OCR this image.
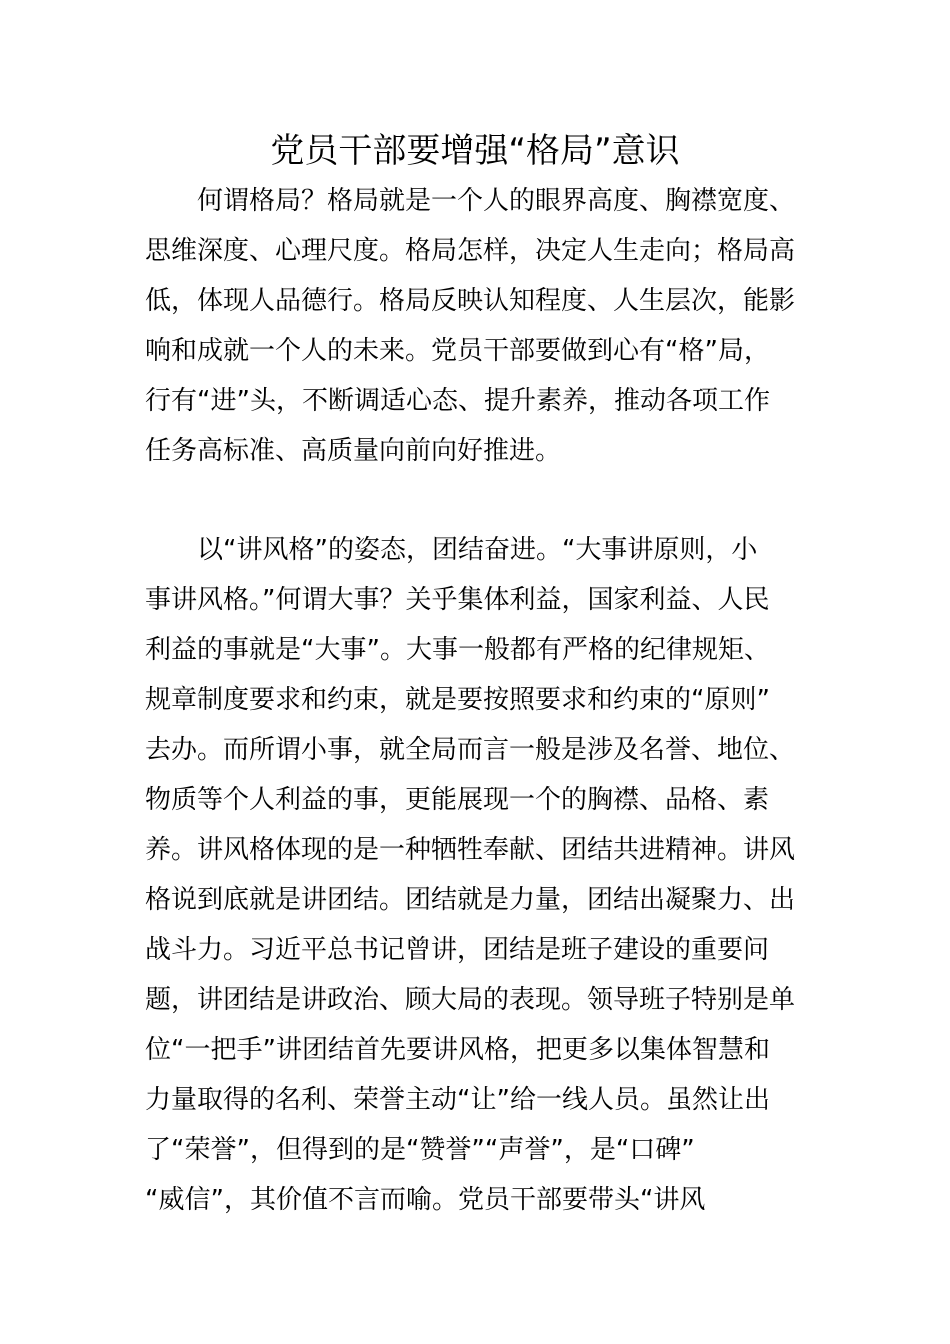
党员干部要增强“格局”意识

　　何谓格局？格局就是一个人的眼界高度、胸襟宽度、
思维深度、心理尺度。格局怎样，决定人生走向；格局高
低，体现人品德行。格局反映认知程度、人生层次，能影
响和成就一个人的未来。党员干部要做到心有“格”局，
行有“进”头，不断调适心态、提升素养，推动各项工作
任务高标准、高质量向前向好推进。

　　以“讲风格”的姿态，团结奋进。“大事讲原则，小
事讲风格。”何谓大事？关乎集体利益，国家利益、人民
利益的事就是“大事”。大事一般都有严格的纪律规矩、
规章制度要求和约束，就是要按照要求和约束的“原则”
去办。而所谓小事，就全局而言一般是涉及名誉、地位、
物质等个人利益的事，更能展现一个的胸襟、品格、素
养。讲风格体现的是一种牺牲奉献、团结共进精神。讲风
格说到底就是讲团结。团结就是力量，团结出凝聚力、出
战斗力。习近平总书记曾讲，团结是班子建设的重要问
题，讲团结是讲政治、顾大局的表现。领导班子特别是单
位“一把手”讲团结首先要讲风格，把更多以集体智慧和
力量取得的名利、荣誉主动“让”给一线人员。虽然让出
了“荣誉”，但得到的是“赞誉”“声誉”，是“口碑”
“威信”，其价值不言而喻。党员干部要带头“讲风
